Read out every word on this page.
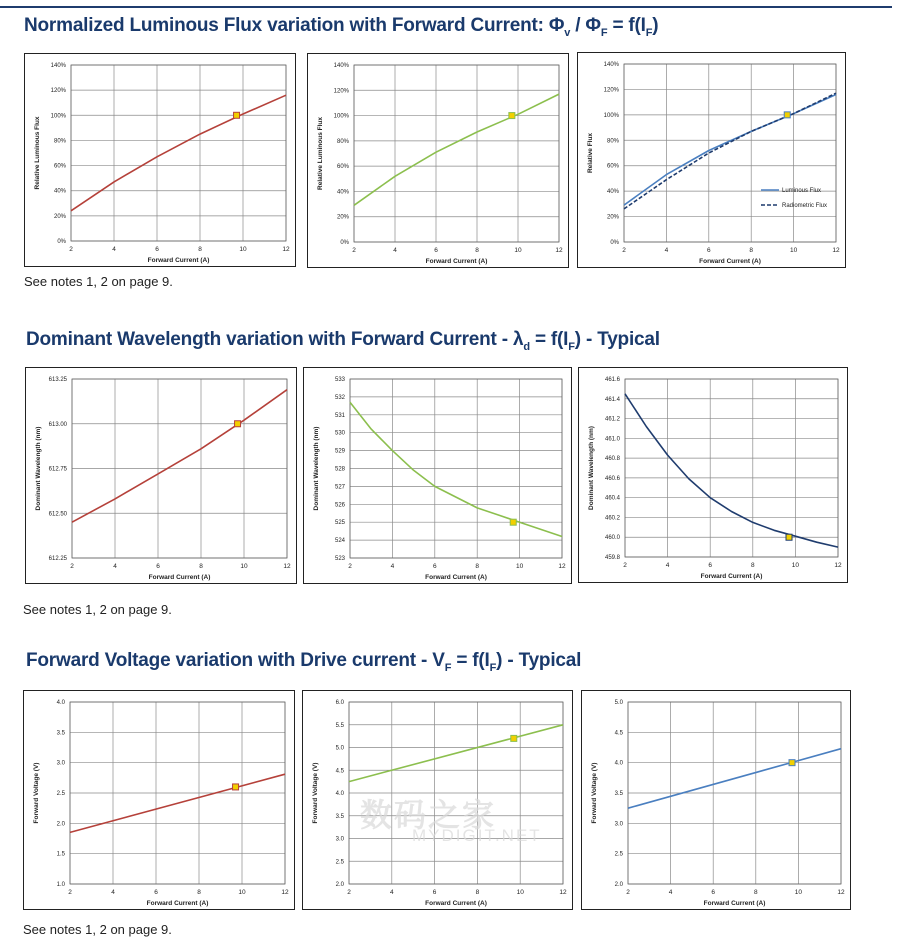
Normalized Luminous Flux variation with Forward Current: $\Phi_v / \Phi_F = f(I_F)$
Dominant Wavelength variation with Forward Current - $\lambda_d = f(I_F)$ - Typical
Forward Voltage variation with Drive current - $V_F = f(I_F)$ - Typical
See notes 1, 2 on page 9.
See notes 1, 2 on page 9.
See notes 1, 2 on page 9.
2	4	6	8	10	12
0%
20%
40%
60%
80%
100%
120%
140%
Forward Current (A)
Relative Luminous Flux
2	4	6	8	10	12
0%
20%
40%
60%
80%
100%
120%
140%
Forward Current (A)
Relative Luminous Flux
2	4	6	8	10	12
0%
20%
40%
60%
80%
100%
120%
140%
Forward Current (A)
Relative Flux
Luminous Flux
Radiometric Flux
2	4	6	8	10	12
612.25
612.50
612.75
613.00
613.25
Forward Current (A)
Dominant Wavelength (nm)
2	4	6	8	10	12
523
524
525
526
527
528
529
530
531
532
533
Forward Current (A)
Dominant Wavelength (nm)
2	4	6	8	10	12
459.8
460.0
460.2
460.4
460.6
460.8
461.0
461.2
461.4
461.6
Forward Current (A)
Dominant Wavelength (nm)
2	4	6	8	10	12
1.0
1.5
2.0
2.5
3.0
3.5
4.0
Forward Current (A)
Forward Voltage (V)
2	4	6	8	10	12
2.0
2.5
3.0
3.5
4.0
4.5
5.0
5.5
6.0
Forward Current (A)
Forward Voltage (V)
2	4	6	8	10	12
2.0
2.5
3.0
3.5
4.0
4.5
5.0
Forward Current (A)
Forward Voltage (V)
数码之家
MYDIGIT.NET
